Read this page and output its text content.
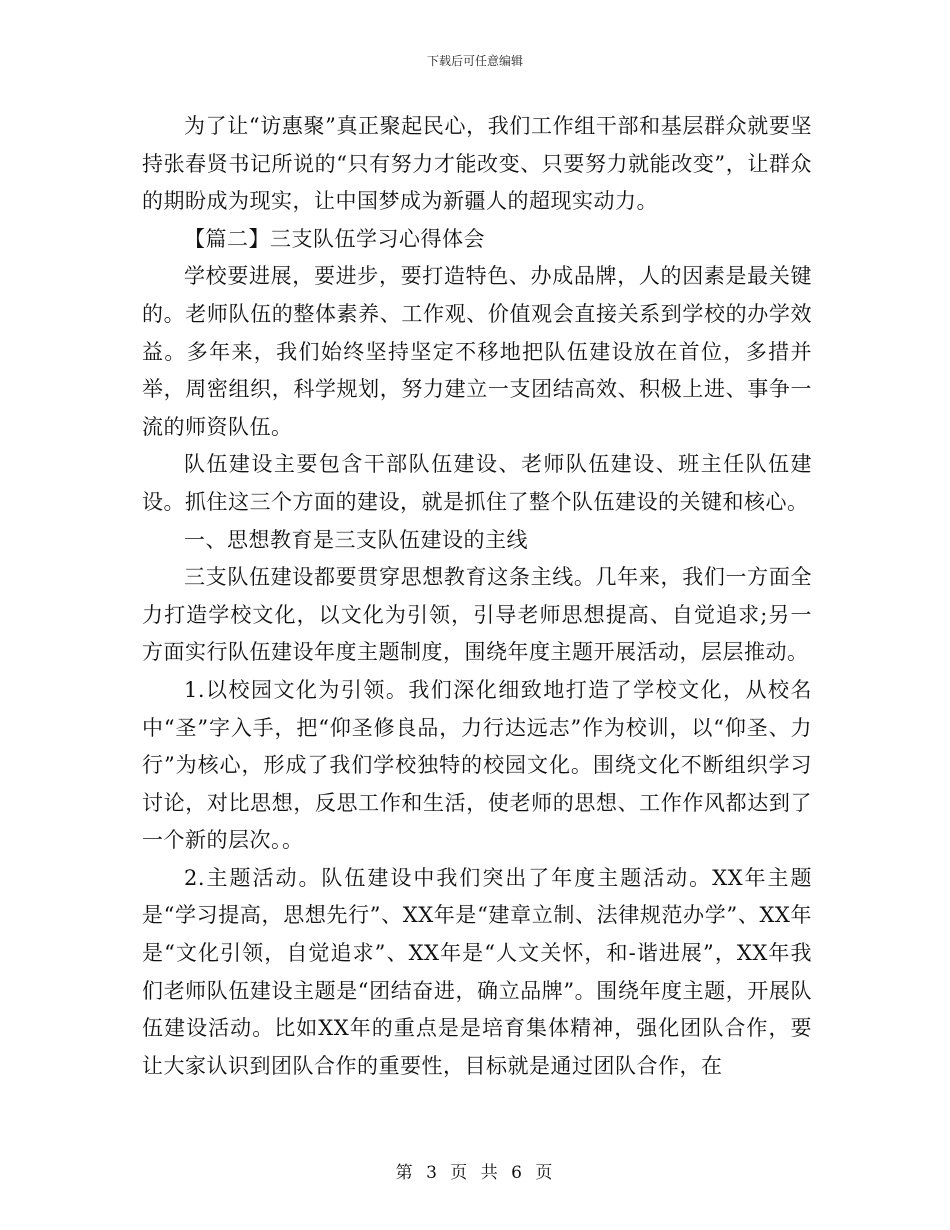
下载后可任意编辑

为了让“访惠聚”真正聚起民心，我们工作组干部和基层群众就要坚持张春贤书记所说的“只有努力才能改变、只要努力就能改变”，让群众的期盼成为现实，让中国梦成为新疆人的超现实动力。

【篇二】三支队伍学习心得体会

学校要进展，要进步，要打造特色、办成品牌，人的因素是最关键的。老师队伍的整体素养、工作观、价值观会直接关系到学校的办学效益。多年来，我们始终坚持坚定不移地把队伍建设放在首位，多措并举，周密组织，科学规划，努力建立一支团结高效、积极上进、事争一流的师资队伍。

队伍建设主要包含干部队伍建设、老师队伍建设、班主任队伍建设。抓住这三个方面的建设，就是抓住了整个队伍建设的关键和核心。

一、思想教育是三支队伍建设的主线

三支队伍建设都要贯穿思想教育这条主线。几年来，我们一方面全力打造学校文化，以文化为引领，引导老师思想提高、自觉追求;另一方面实行队伍建设年度主题制度，围绕年度主题开展活动，层层推动。

1.以校园文化为引领。我们深化细致地打造了学校文化，从校名中“圣”字入手，把“仰圣修良品，力行达远志”作为校训，以“仰圣、力行”为核心，形成了我们学校独特的校园文化。围绕文化不断组织学习讨论，对比思想，反思工作和生活，使老师的思想、工作作风都达到了一个新的层次。。

2.主题活动。队伍建设中我们突出了年度主题活动。XX年主题是“学习提高，思想先行”、XX年是“建章立制、法律规范办学”、XX年是“文化引领，自觉追求”、XX年是“人文关怀，和-谐进展”，XX年我们老师队伍建设主题是“团结奋进，确立品牌”。围绕年度主题，开展队伍建设活动。比如XX年的重点是是培育集体精神，强化团队合作，要让大家认识到团队合作的重要性，目标就是通过团队合作，在

第 3 页 共 6 页
